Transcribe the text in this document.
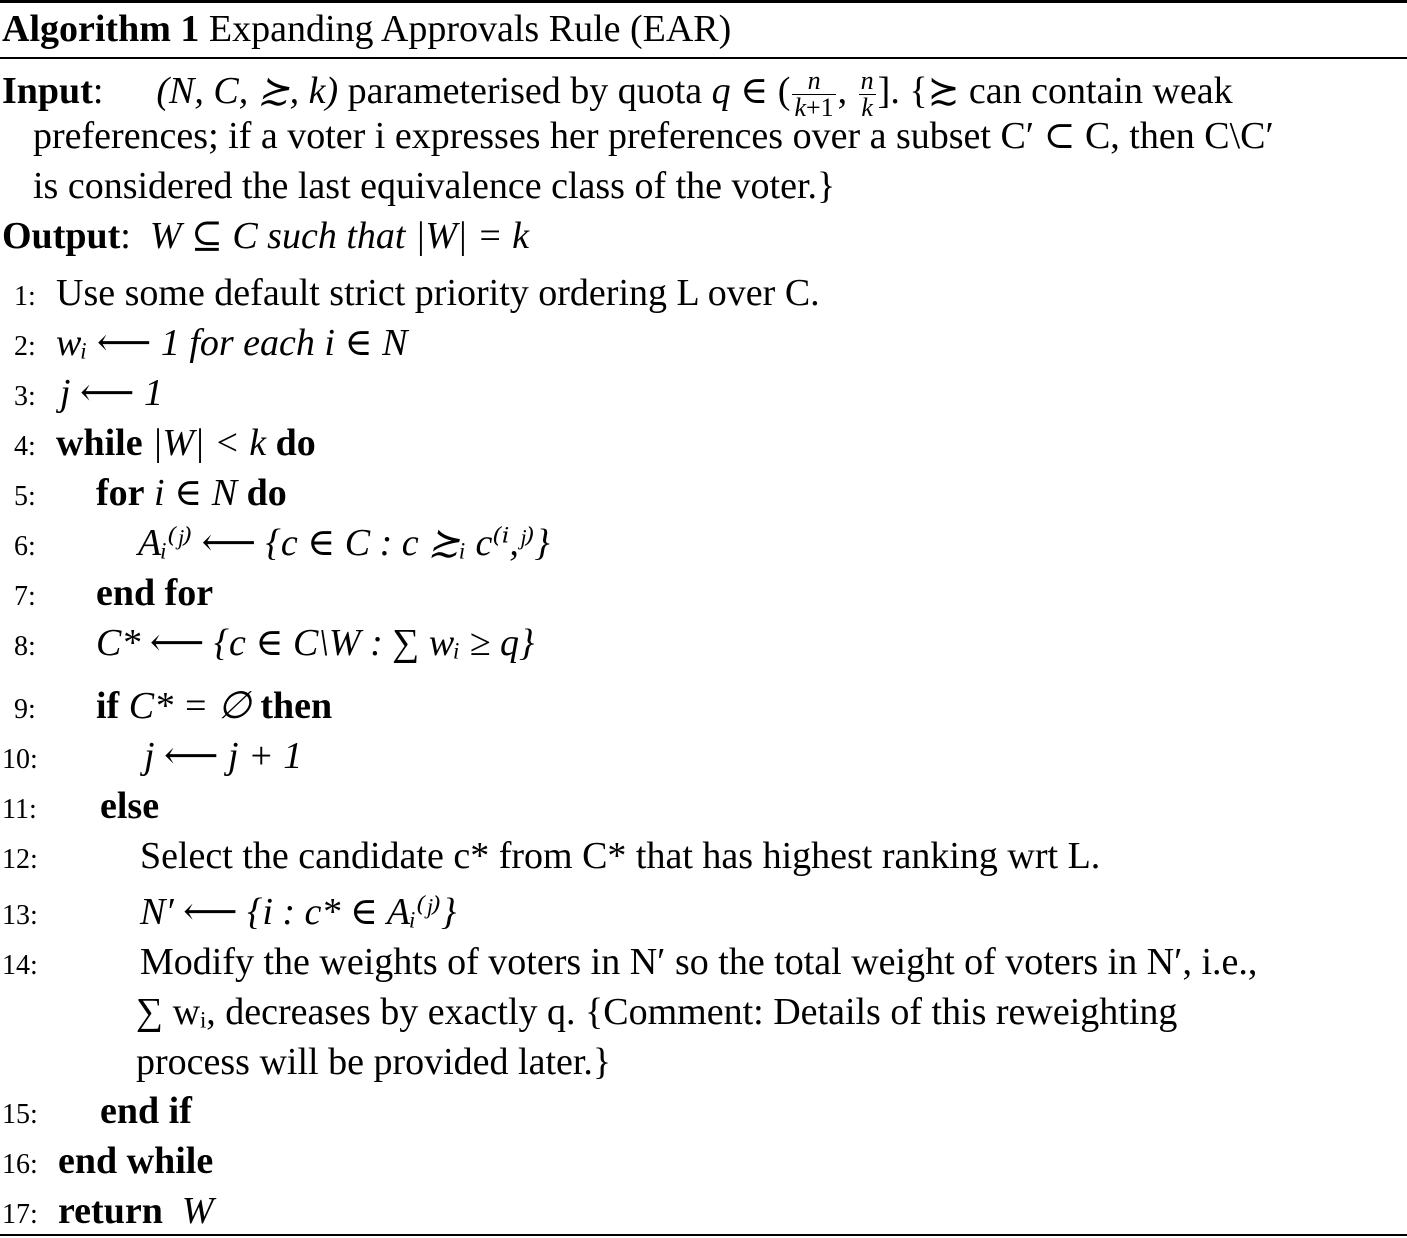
Algorithm 1 Expanding Approvals Rule (EAR)
Input:  (N, C, ≿, k) parameterised by quota q ∈ ( $\frac{n}{k+1}$ , $\frac{n}{k}$ ]. {≿ can contain weak
preferences; if a voter i expresses her preferences over a subset C′ ⊂ C, then C\C′
is considered the last equivalence class of the voter.}
Output:  W ⊆ C such that |W| = k
1: Use some default strict priority ordering L over C.
2: wᵢ ⟵ 1 for each i ∈ N
3: j ⟵ 1
4: while |W| < k do
5: for i ∈ N do
6:	Aᵢ⁽ʲ⁾ ⟵ {c ∈ C : c ≿ᵢ c⁽ⁱ,ʲ⁾}
7: end for
8: C* ⟵ {c ∈ C\W : ∑ wᵢ ≥ q}
9: if C* = ∅ then
10:	j ⟵ j + 1
11: else
12:	Select the candidate c* from C* that has highest ranking wrt L.
13:	N′ ⟵ {i : c* ∈ Aᵢ⁽ʲ⁾}
14:	Modify the weights of voters in N′ so the total weight of voters in N′, i.e.,
∑ wᵢ, decreases by exactly q. {Comment: Details of this reweighting
process will be provided later.}
15: end if
16: end while
17: return W
